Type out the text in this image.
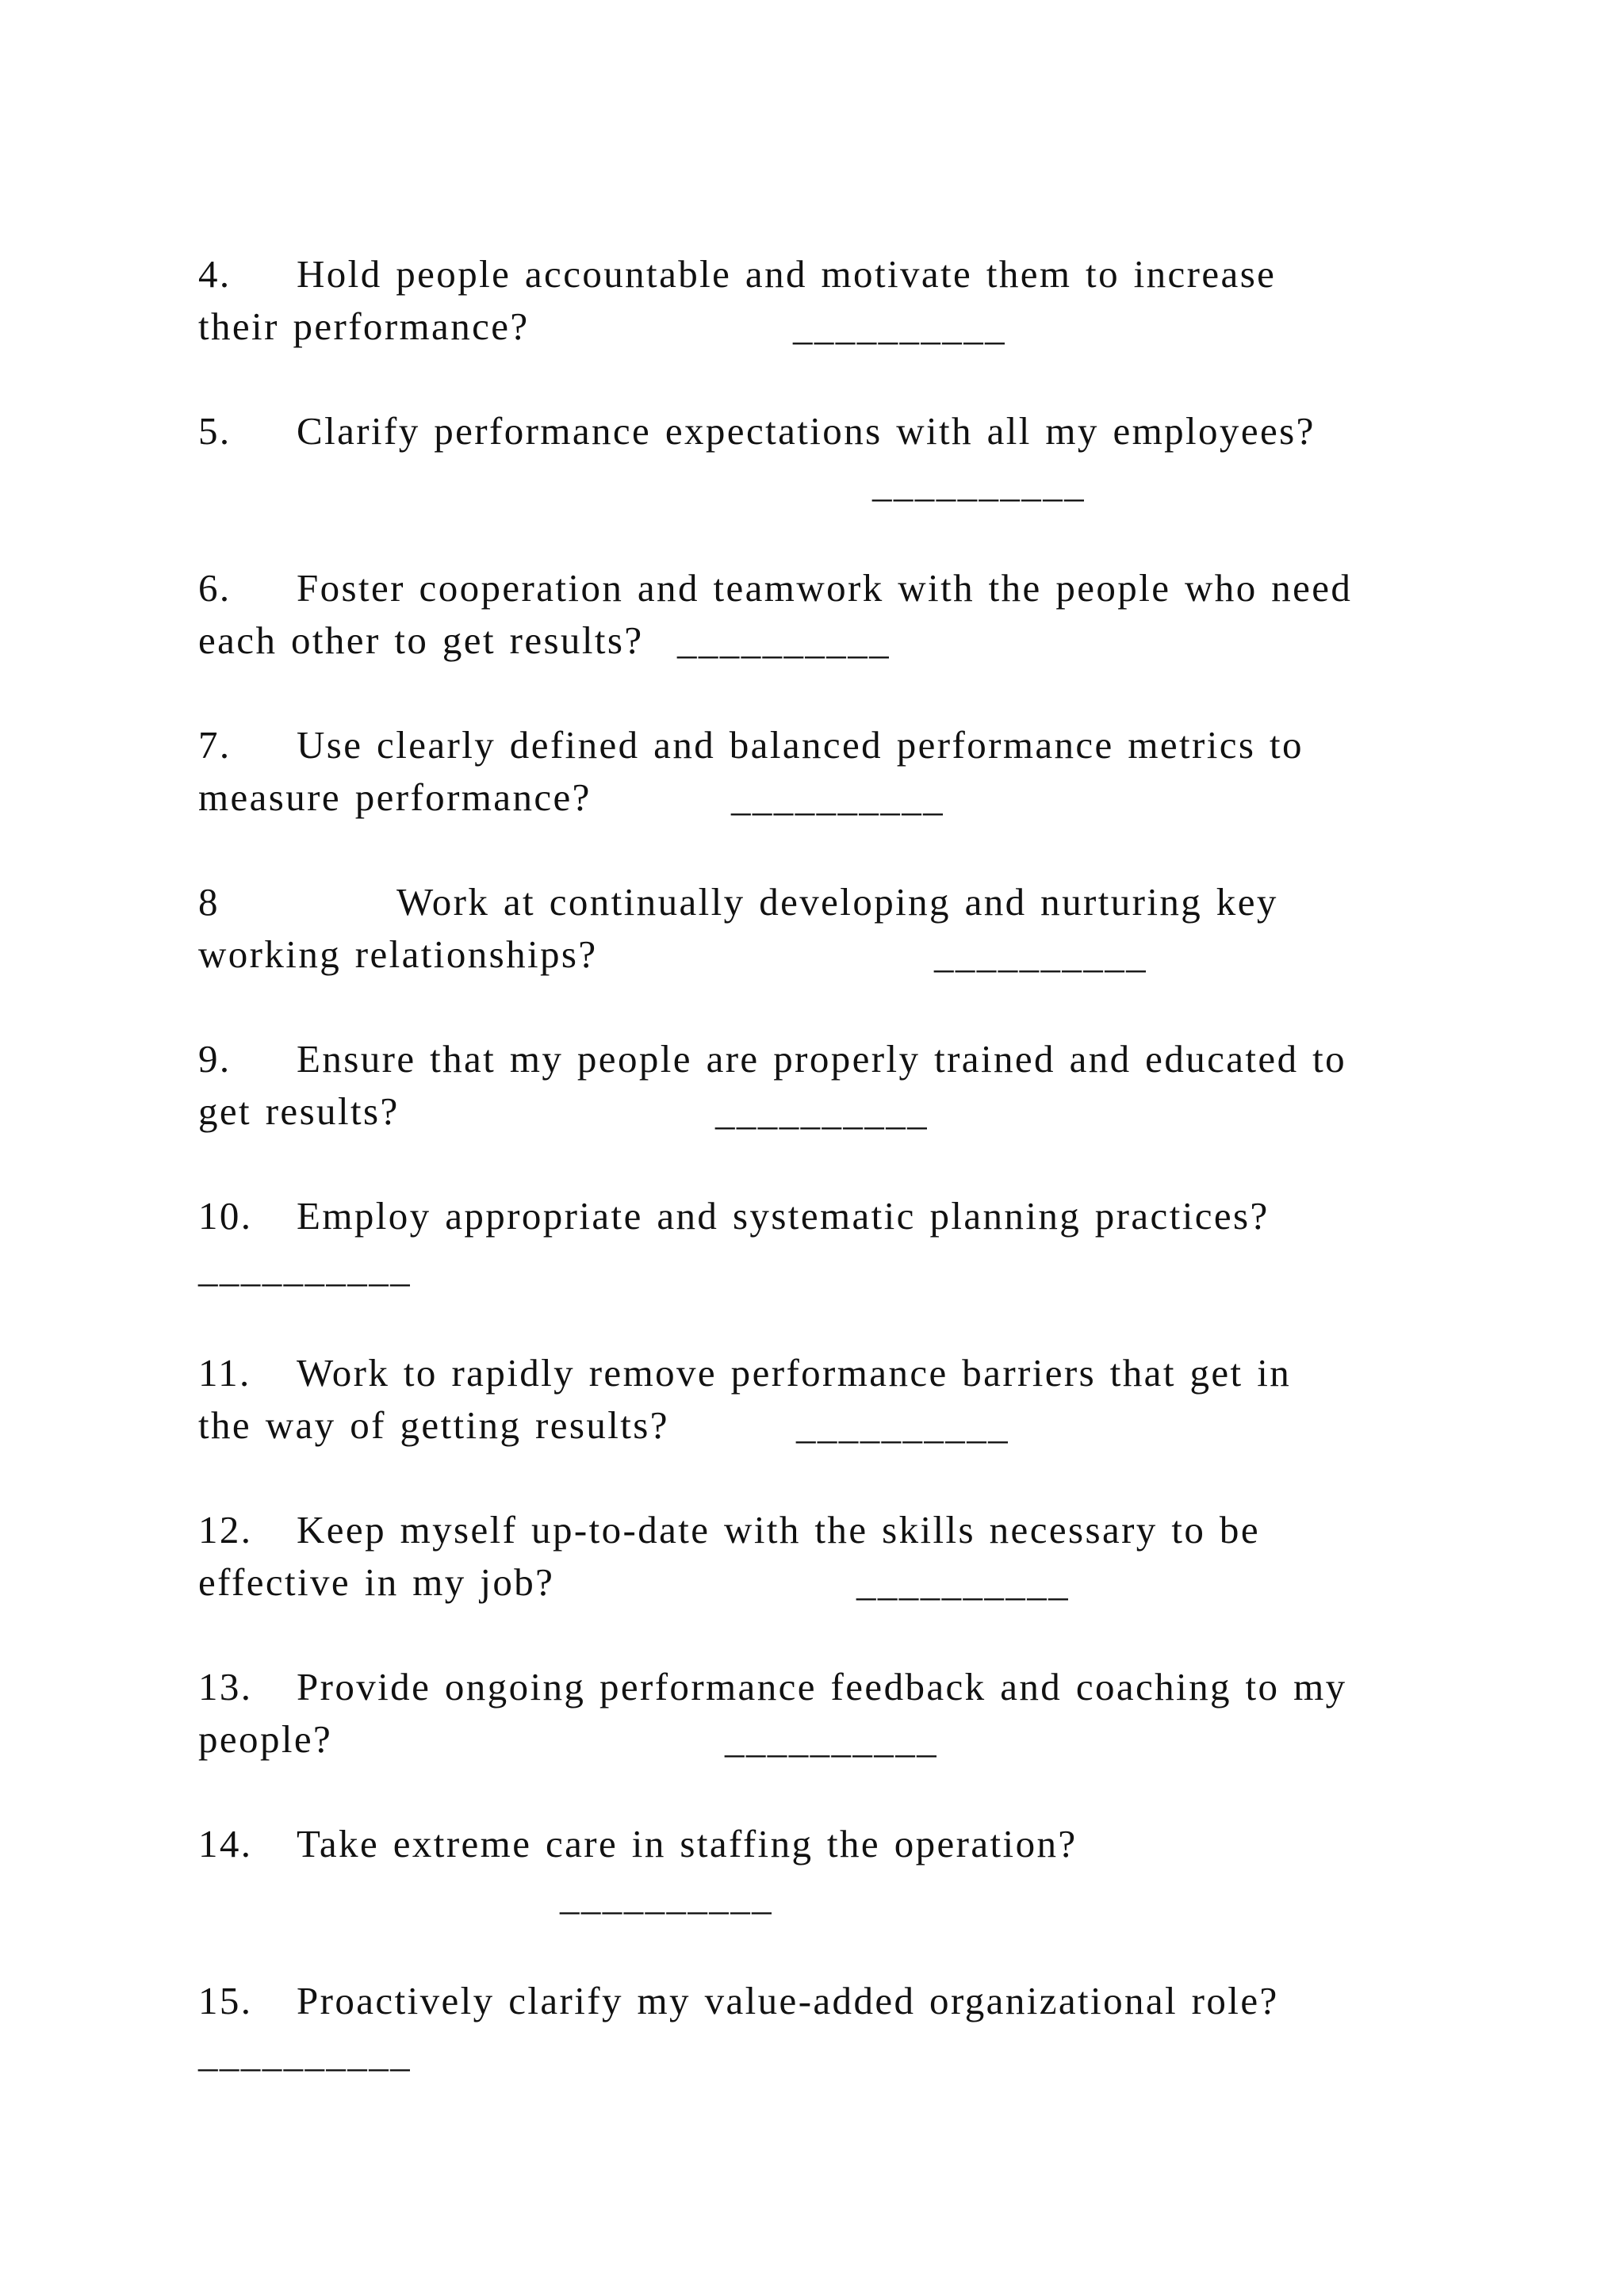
4. Hold people accountable and motivate them to increase
their performance?	__________
5. Clarify performance expectations with all my employees?
__________
6. Foster cooperation and teamwork with the people who need
each other to get results? __________
7. Use clearly defined and balanced performance metrics to
measure performance?	__________
8	Work at continually developing and nurturing key
working relationships?	__________
9. Ensure that my people are properly trained and educated to
get results?	__________
10. Employ appropriate and systematic planning practices?
__________
11. Work to rapidly remove performance barriers that get in
the way of getting results?	__________
12. Keep myself up-to-date with the skills necessary to be
effective in my job?	__________
13. Provide ongoing performance feedback and coaching to my
people?	__________
14. Take extreme care in staffing the operation?
__________
15. Proactively clarify my value-added organizational role?
__________
